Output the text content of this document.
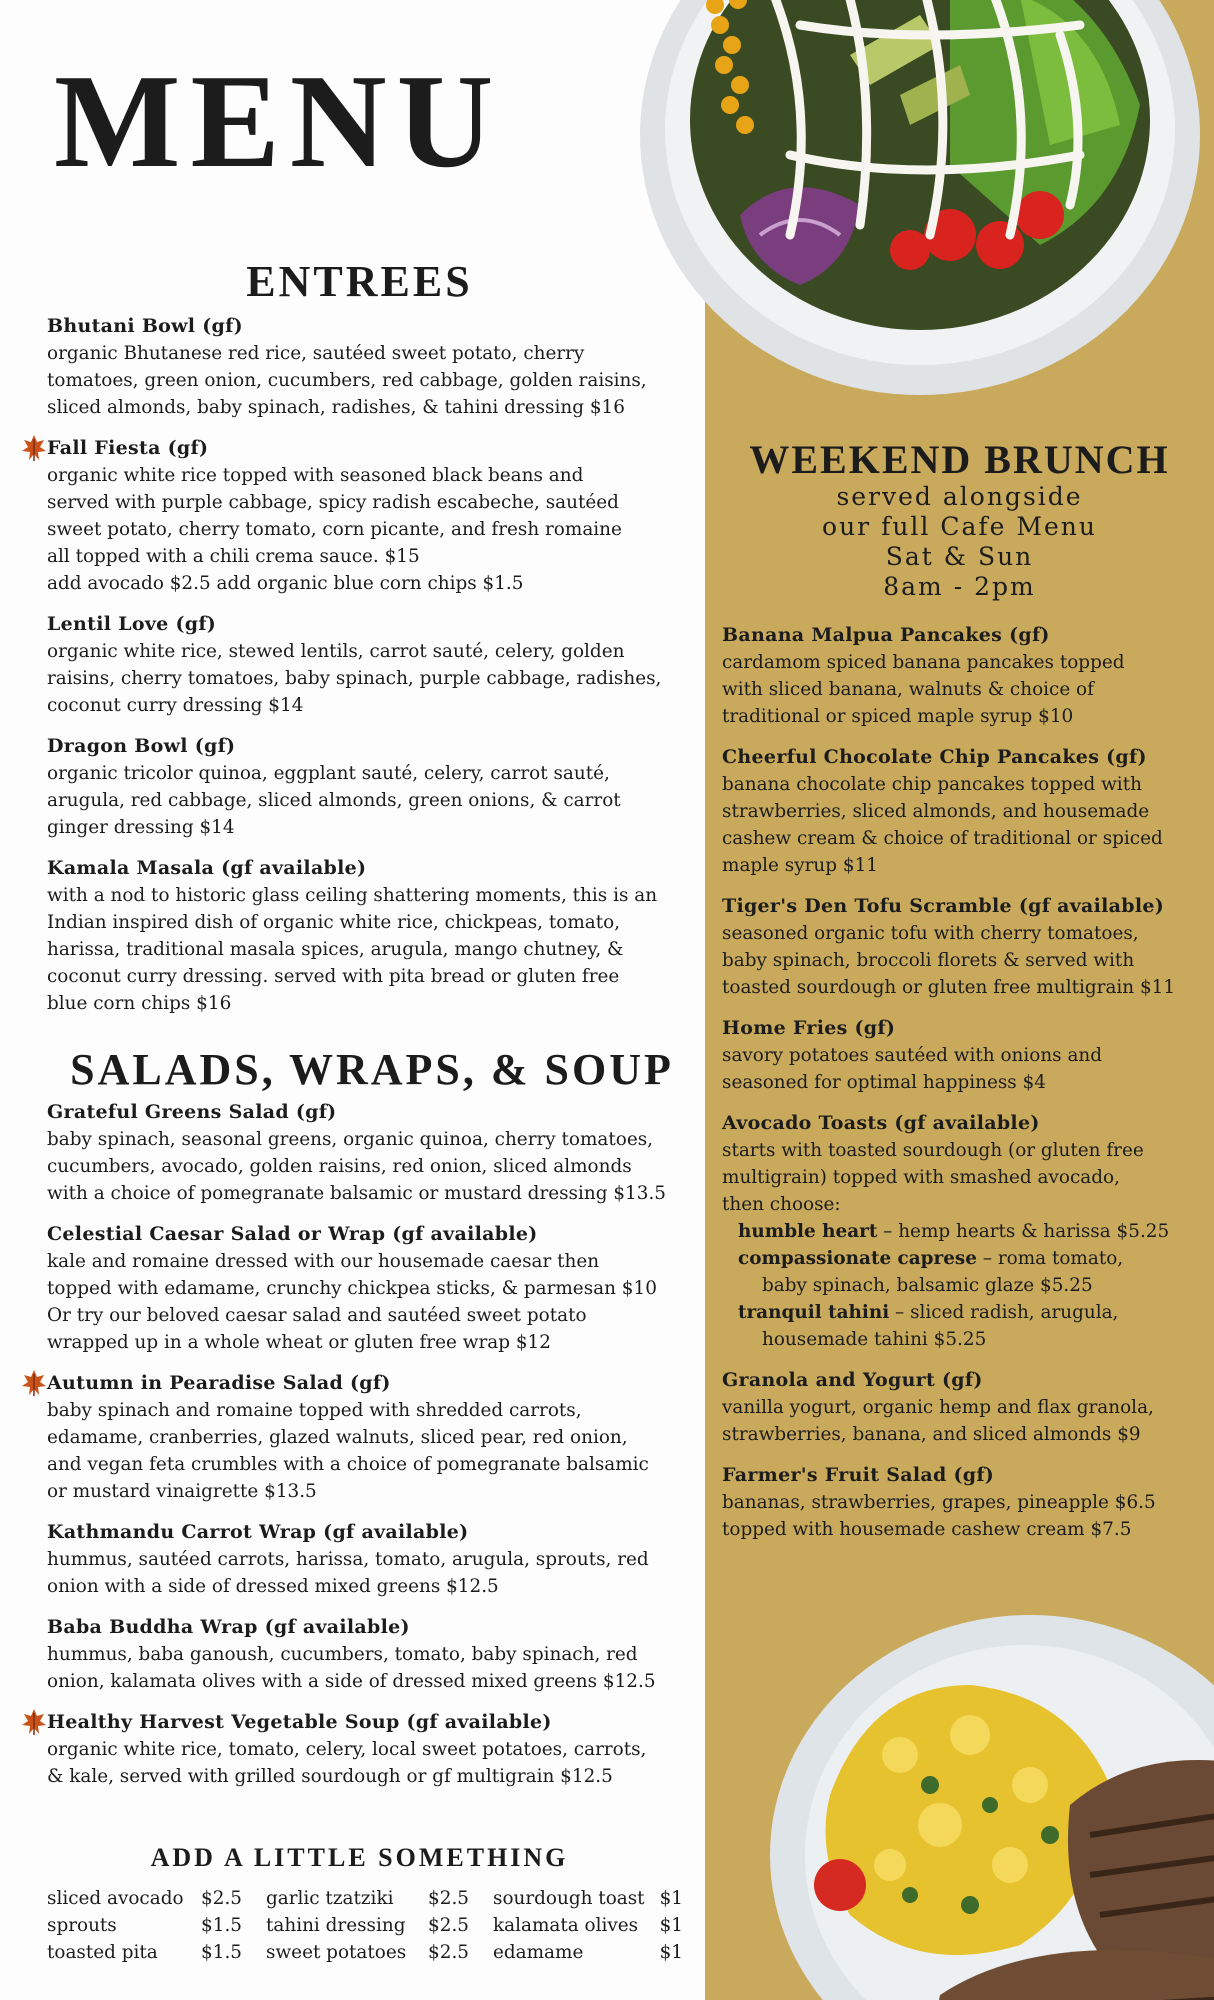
MENU
ENTREES
Bhutani Bowl (gf)
organic Bhutanese red rice, sautéed sweet potato, cherry
tomatoes, green onion, cucumbers, red cabbage, golden raisins,
sliced almonds, baby spinach, radishes, & tahini dressing $16
Fall Fiesta (gf)
organic white rice topped with seasoned black beans and
served with purple cabbage, spicy radish escabeche, sautéed
sweet potato, cherry tomato, corn picante, and fresh romaine
all topped with a chili crema sauce. $15
add avocado $2.5 add organic blue corn chips $1.5
Lentil Love (gf)
organic white rice, stewed lentils, carrot sauté, celery, golden
raisins, cherry tomatoes, baby spinach, purple cabbage, radishes,
coconut curry dressing $14
Dragon Bowl (gf)
organic tricolor quinoa, eggplant sauté, celery, carrot sauté,
arugula, red cabbage, sliced almonds, green onions, & carrot
ginger dressing $14
Kamala Masala (gf available)
with a nod to historic glass ceiling shattering moments, this is an
Indian inspired dish of organic white rice, chickpeas, tomato,
harissa, traditional masala spices, arugula, mango chutney, &
coconut curry dressing. served with pita bread or gluten free
blue corn chips $16
SALADS, WRAPS, & SOUP
Grateful Greens Salad (gf)
baby spinach, seasonal greens, organic quinoa, cherry tomatoes,
cucumbers, avocado, golden raisins, red onion, sliced almonds
with a choice of pomegranate balsamic or mustard dressing $13.5
Celestial Caesar Salad or Wrap (gf available)
kale and romaine dressed with our housemade caesar then
topped with edamame, crunchy chickpea sticks, & parmesan $10
Or try our beloved caesar salad and sautéed sweet potato
wrapped up in a whole wheat or gluten free wrap $12
Autumn in Pearadise Salad (gf)
baby spinach and romaine topped with shredded carrots,
edamame, cranberries, glazed walnuts, sliced pear, red onion,
and vegan feta crumbles with a choice of pomegranate balsamic
or mustard vinaigrette $13.5
Kathmandu Carrot Wrap (gf available)
hummus, sautéed carrots, harissa, tomato, arugula, sprouts, red
onion with a side of dressed mixed greens $12.5
Baba Buddha Wrap (gf available)
hummus, baba ganoush, cucumbers, tomato, baby spinach, red
onion, kalamata olives with a side of dressed mixed greens $12.5
Healthy Harvest Vegetable Soup (gf available)
organic white rice, tomato, celery, local sweet potatoes, carrots,
& kale, served with grilled sourdough or gf multigrain $12.5
ADD A LITTLE SOMETHING
sliced avocado $2.5
sprouts	$1.5
toasted pita $1.5
garlic tzatziki $2.5
tahini dressing $2.5
sweet potatoes $2.5
sourdough toast $1
kalamata olives $1
edamame	$1
WEEKEND BRUNCH
served alongside
our full Cafe Menu
Sat & Sun
8am - 2pm
Banana Malpua Pancakes (gf)
cardamom spiced banana pancakes topped
with sliced banana, walnuts & choice of
traditional or spiced maple syrup $10
Cheerful Chocolate Chip Pancakes (gf)
banana chocolate chip pancakes topped with
strawberries, sliced almonds, and housemade
cashew cream & choice of traditional or spiced
maple syrup $11
Tiger's Den Tofu Scramble (gf available)
seasoned organic tofu with cherry tomatoes,
baby spinach, broccoli florets & served with
toasted sourdough or gluten free multigrain $11
Home Fries (gf)
savory potatoes sautéed with onions and
seasoned for optimal happiness $4
Avocado Toasts (gf available)
starts with toasted sourdough (or gluten free
multigrain) topped with smashed avocado,
then choose:
humble heart – hemp hearts & harissa $5.25
compassionate caprese – roma tomato,
baby spinach, balsamic glaze $5.25
tranquil tahini – sliced radish, arugula,
housemade tahini $5.25
Granola and Yogurt (gf)
vanilla yogurt, organic hemp and flax granola,
strawberries, banana, and sliced almonds $9
Farmer's Fruit Salad (gf)
bananas, strawberries, grapes, pineapple $6.5
topped with housemade cashew cream $7.5
